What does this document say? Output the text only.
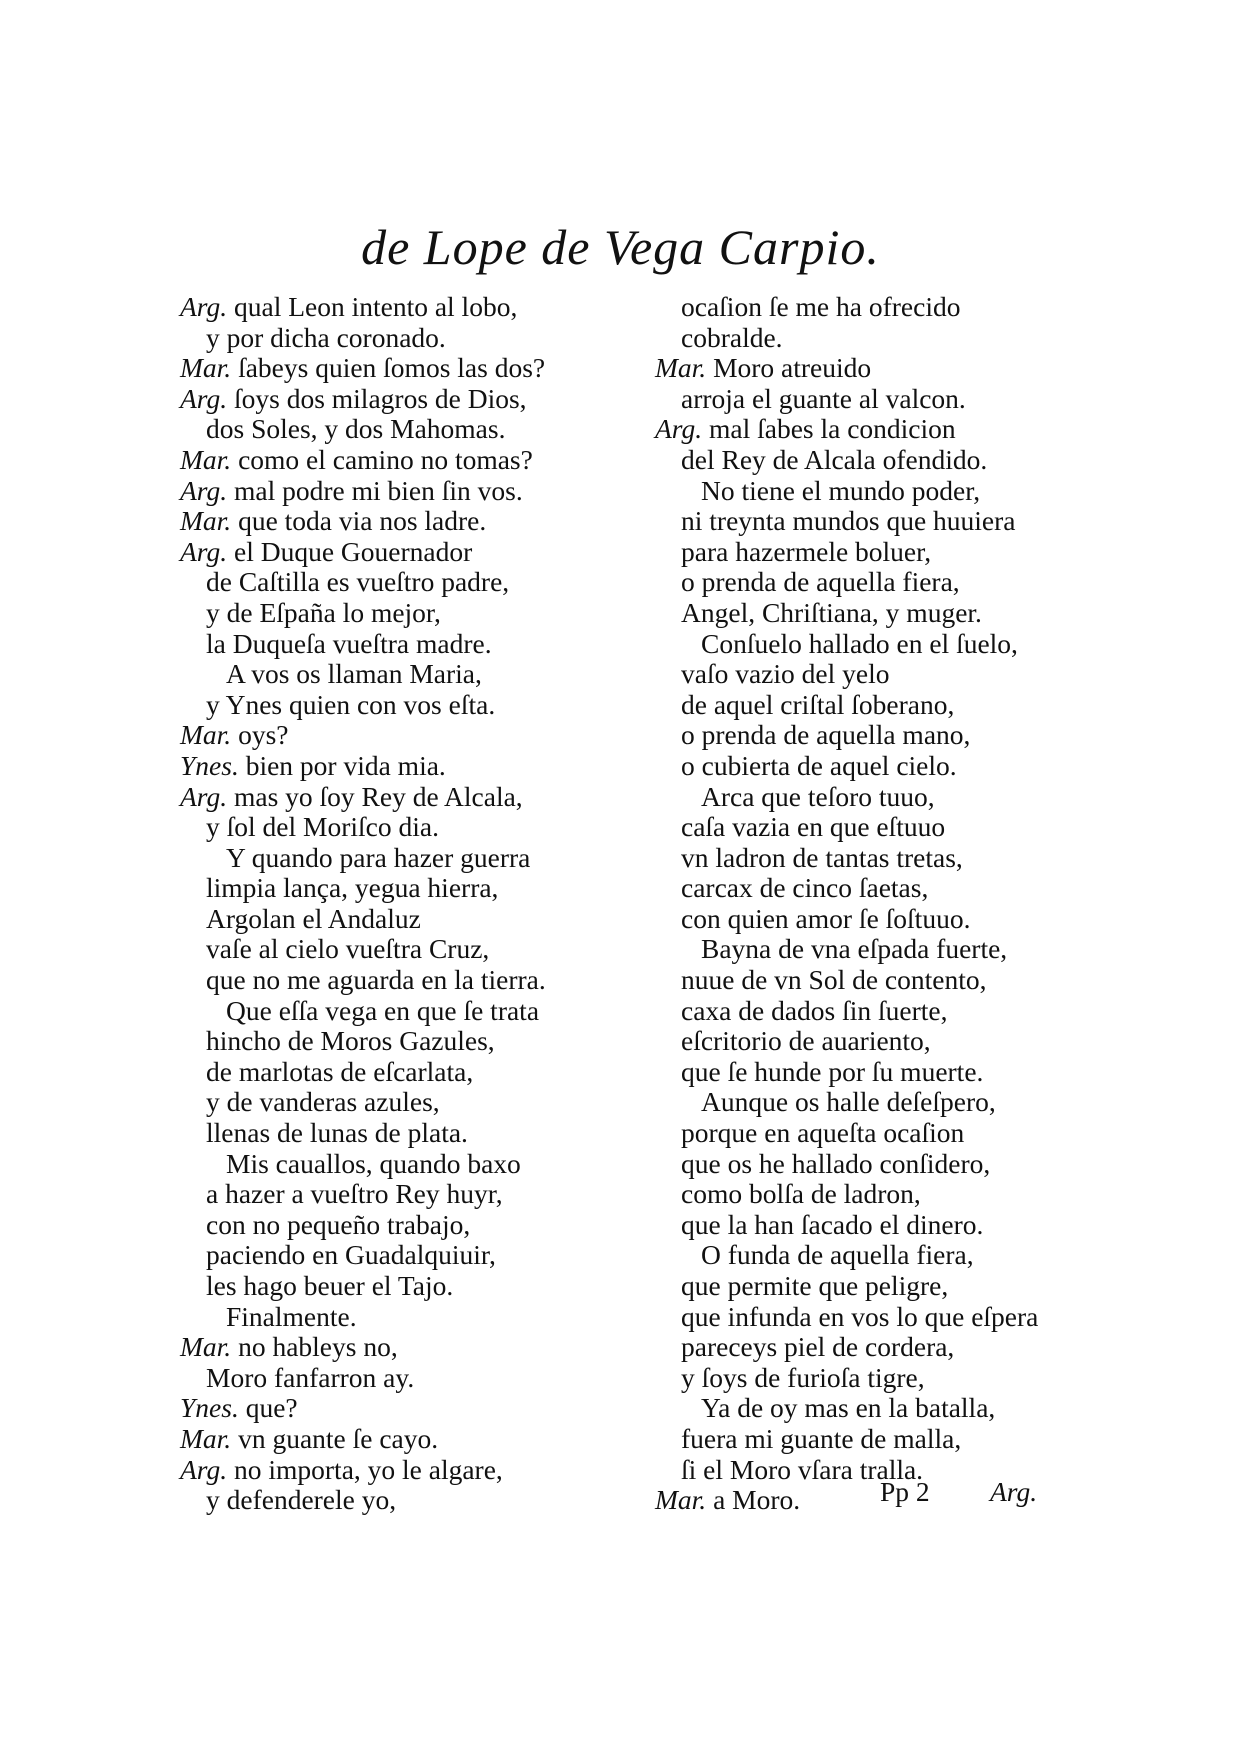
de Lope de Vega Carpio.
Arg. qual Leon intento al lobo,
y por dicha coronado.
Mar. ſabeys quien ſomos las dos?
Arg. ſoys dos milagros de Dios,
dos Soles, y dos Mahomas.
Mar. como el camino no tomas?
Arg. mal podre mi bien ſin vos.
Mar. que toda via nos ladre.
Arg. el Duque Gouernador
de Caſtilla es vueſtro padre,
y de Eſpaña lo mejor,
la Duqueſa vueſtra madre.
A vos os llaman Maria,
y Ynes quien con vos eſta.
Mar. oys?
Ynes. bien por vida mia.
Arg. mas yo ſoy Rey de Alcala,
y ſol del Moriſco dia.
Y quando para hazer guerra
limpia lança, yegua hierra,
Argolan el Andaluz
vaſe al cielo vueſtra Cruz,
que no me aguarda en la tierra.
Que eſſa vega en que ſe trata
hincho de Moros Gazules,
de marlotas de eſcarlata,
y de vanderas azules,
llenas de lunas de plata.
Mis cauallos, quando baxo
a hazer a vueſtro Rey huyr,
con no pequeño trabajo,
paciendo en Guadalquiuir,
les hago beuer el Tajo.
Finalmente.
Mar. no hableys no,
Moro fanfarron ay.
Ynes. que?
Mar. vn guante ſe cayo.
Arg. no importa, yo le algare,
y defenderele yo,
ocaſion ſe me ha ofrecido
cobralde.
Mar. Moro atreuido
arroja el guante al valcon.
Arg. mal ſabes la condicion
del Rey de Alcala ofendido.
No tiene el mundo poder,
ni treynta mundos que huuiera
para hazermele boluer,
o prenda de aquella fiera,
Angel, Chriſtiana, y muger.
Conſuelo hallado en el ſuelo,
vaſo vazio del yelo
de aquel criſtal ſoberano,
o prenda de aquella mano,
o cubierta de aquel cielo.
Arca que teſoro tuuo,
caſa vazia en que eſtuuo
vn ladron de tantas tretas,
carcax de cinco ſaetas,
con quien amor ſe ſoſtuuo.
Bayna de vna eſpada fuerte,
nuue de vn Sol de contento,
caxa de dados ſin ſuerte,
eſcritorio de auariento,
que ſe hunde por ſu muerte.
Aunque os halle deſeſpero,
porque en aqueſta ocaſion
que os he hallado conſidero,
como bolſa de ladron,
que la han ſacado el dinero.
O funda de aquella fiera,
que permite que peligre,
que infunda en vos lo que eſpera
pareceys piel de cordera,
y ſoys de furioſa tigre,
Ya de oy mas en la batalla,
fuera mi guante de malla,
ſi el Moro vſara tralla.
Mar. a Moro.	Pp 2 Arg.
